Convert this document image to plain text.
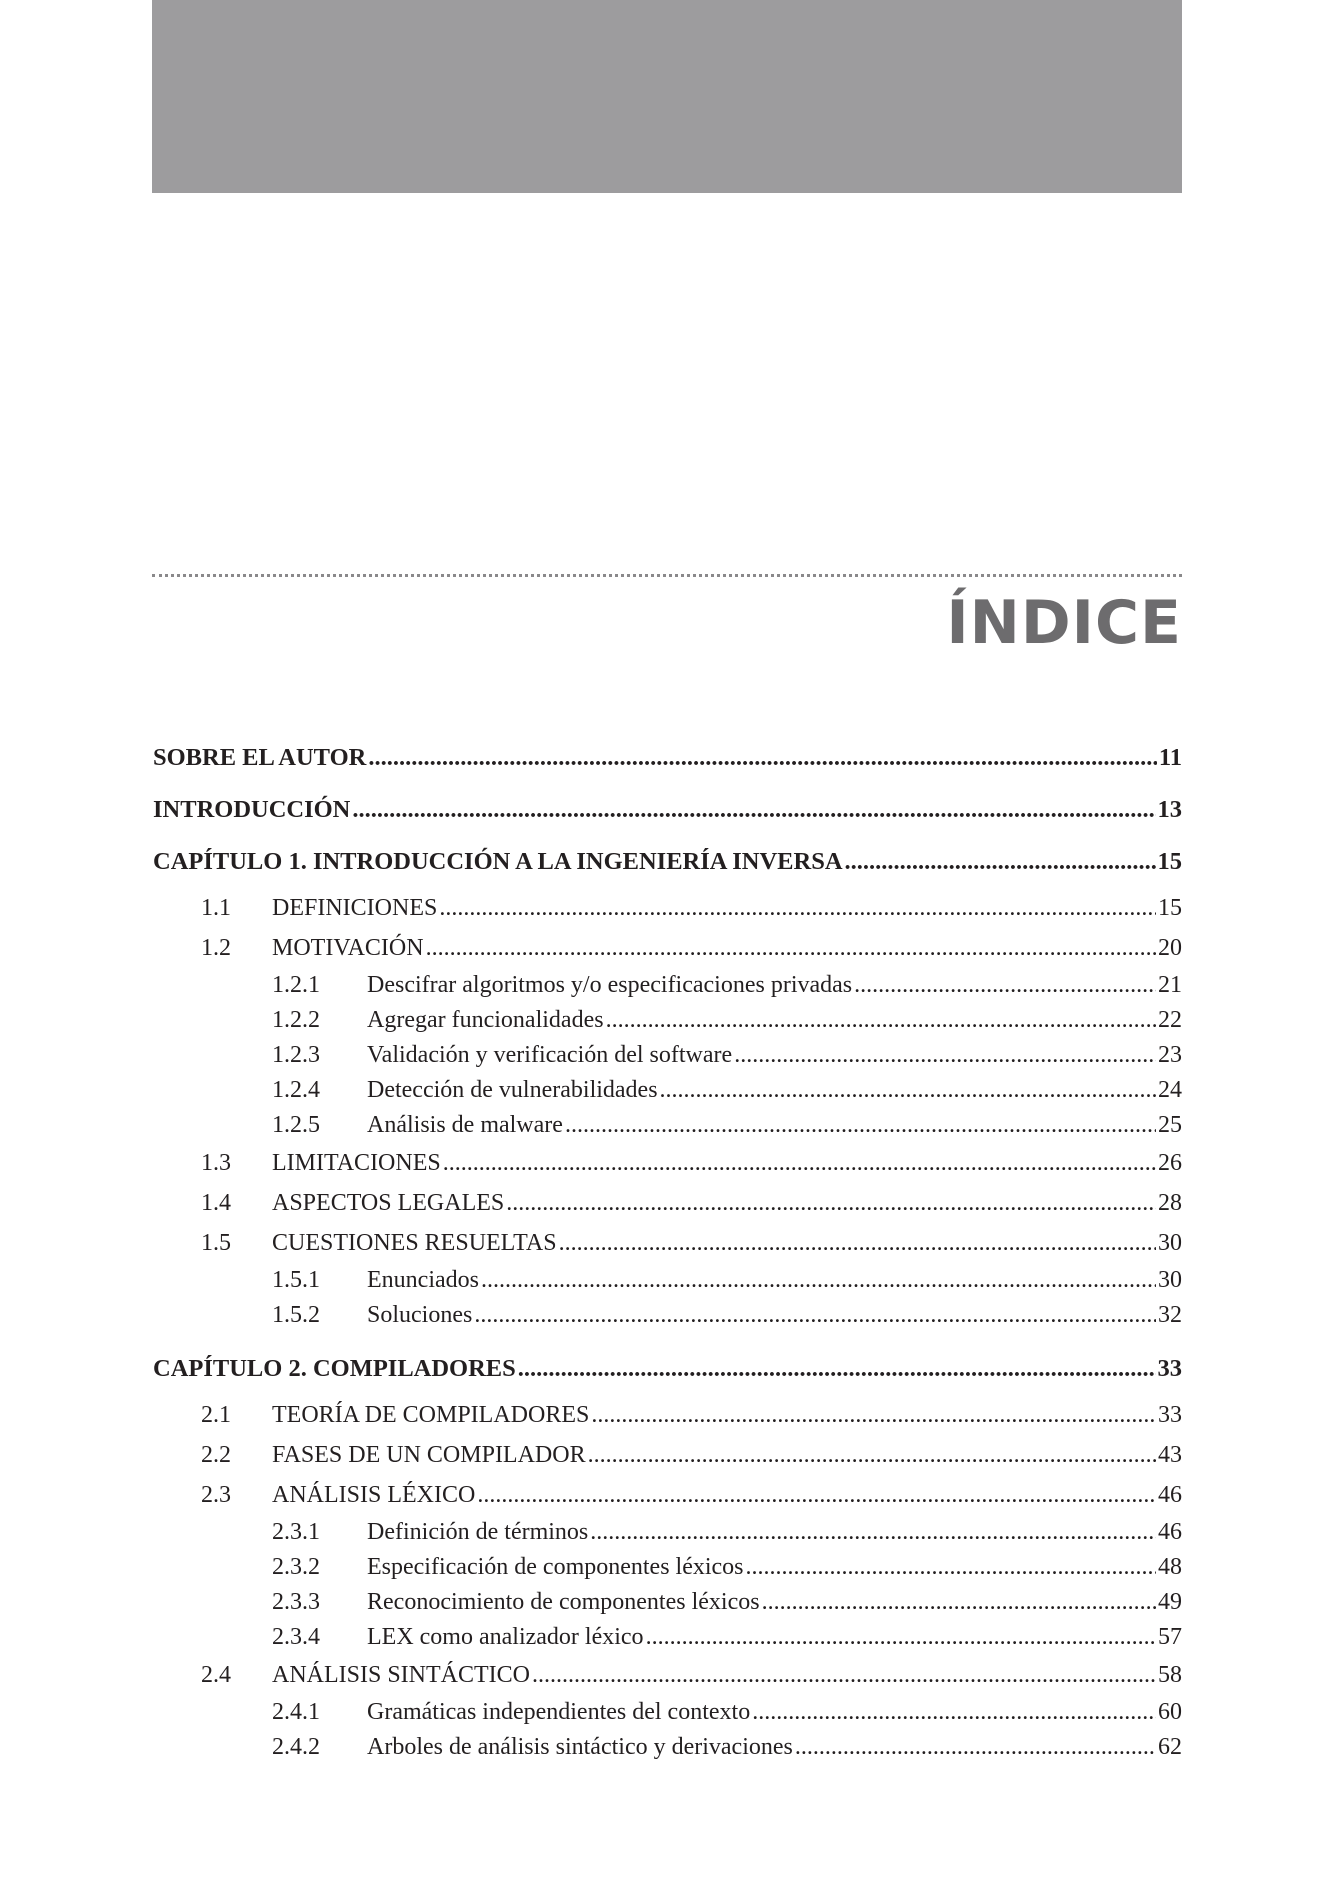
ÍNDICE
SOBRE EL AUTOR .....	11
INTRODUCCIÓN .....	13
CAPÍTULO 1. INTRODUCCIÓN A LA INGENIERÍA INVERSA .....	15
1.1	DEFINICIONES .....	15
1.2	MOTIVACIÓN .....	20
1.2.1	Descifrar algoritmos y/o especificaciones privadas .....	21
1.2.2	Agregar funcionalidades .....	22
1.2.3	Validación y verificación del software .....	23
1.2.4	Detección de vulnerabilidades .....	24
1.2.5	Análisis de malware .....	25
1.3	LIMITACIONES .....	26
1.4	ASPECTOS LEGALES .....	28
1.5	CUESTIONES RESUELTAS .....	30
1.5.1	Enunciados .....	30
1.5.2	Soluciones .....	32
CAPÍTULO 2. COMPILADORES .....	33
2.1	TEORÍA DE COMPILADORES .....	33
2.2	FASES DE UN COMPILADOR .....	43
2.3	ANÁLISIS LÉXICO .....	46
2.3.1	Definición de términos .....	46
2.3.2	Especificación de componentes léxicos .....	48
2.3.3	Reconocimiento de componentes léxicos .....	49
2.3.4	LEX como analizador léxico .....	57
2.4	ANÁLISIS SINTÁCTICO .....	58
2.4.1	Gramáticas independientes del contexto .....	60
2.4.2	Arboles de análisis sintáctico y derivaciones .....	62
